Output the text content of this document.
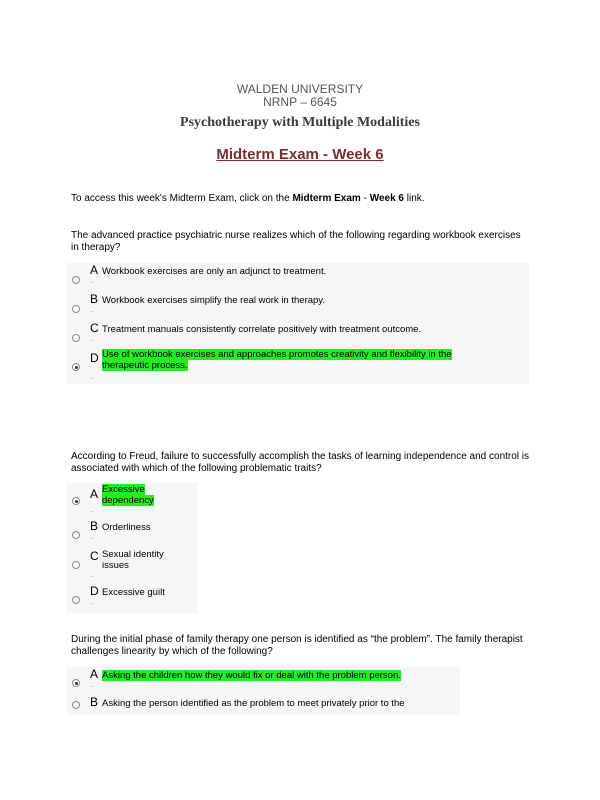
WALDEN UNIVERSITY
NRNP – 6645
Psychotherapy with Multiple Modalities
Midterm Exam - Week 6
To access this week's Midterm Exam, click on the Midterm Exam - Week 6 link.
The advanced practice psychiatric nurse realizes which of the following regarding workbook exercises in therapy?
A Workbook exercises are only an adjunct to treatment.
.
B Workbook exercises simplify the real work in therapy.
.
C Treatment manuals consistently correlate positively with treatment outcome.
.
D Use of workbook exercises and approaches promotes creativity and flexibility in the therapeutic process.
.
According to Freud, failure to successfully accomplish the tasks of learning independence and control is associated with which of the following problematic traits?
A Excessive dependency
.
B Orderliness
.
C Sexual identity issues
.
D Excessive guilt
.
During the initial phase of family therapy one person is identified as “the problem”. The family therapist challenges linearity by which of the following?
A Asking the children how they would fix or deal with the problem person.
.
B Asking the person identified as the problem to meet privately prior to the
